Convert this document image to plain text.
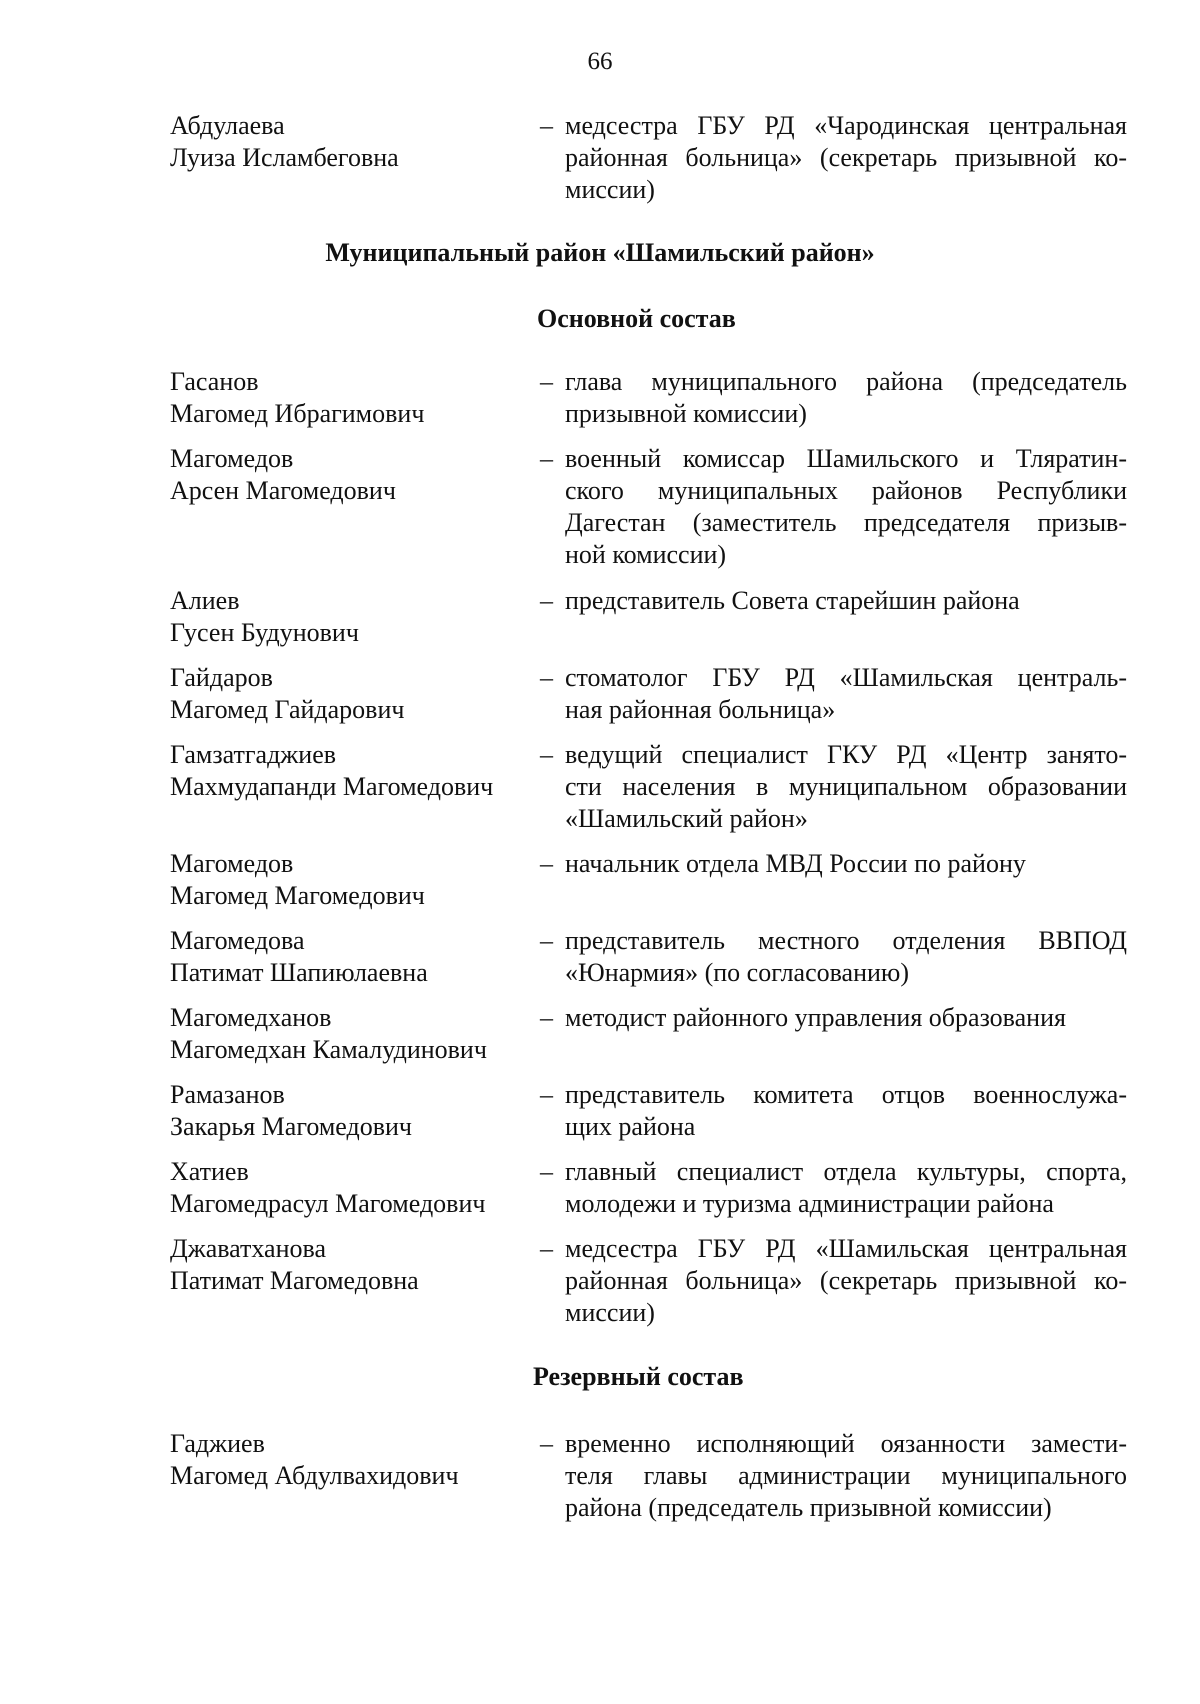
66
Абдулаева
Луиза Исламбеговна
– медсестра ГБУ РД «Чародинская центральная
районная больница» (секретарь призывной ко-
миссии)
Муниципальный район «Шамильский район»
Основной состав
Гасанов
Магомед Ибрагимович
– глава муниципального района (председатель
призывной комиссии)
Магомедов
Арсен Магомедович
– военный комиссар Шамильского и Тляратин-
ского муниципальных районов Республики
Дагестан (заместитель председателя призыв-
ной комиссии)
Алиев
Гусен Будунович
– представитель Совета старейшин района
Гайдаров
Магомед Гайдарович
– стоматолог ГБУ РД «Шамильская централь-
ная районная больница»
Гамзатгаджиев
Махмудапанди Магомедович
– ведущий специалист ГКУ РД «Центр занято-
сти населения в муниципальном образовании
«Шамильский район»
Магомедов
Магомед Магомедович
– начальник отдела МВД России по району
Магомедова
Патимат Шапиюлаевна
– представитель местного отделения ВВПОД
«Юнармия» (по согласованию)
Магомедханов
Магомедхан Камалудинович
– методист районного управления образования
Рамазанов
Закарья Магомедович
– представитель комитета отцов военнослужа-
щих района
Хатиев
Магомедрасул Магомедович
– главный специалист отдела культуры, спорта,
молодежи и туризма администрации района
Джаватханова
Патимат Магомедовна
– медсестра ГБУ РД «Шамильская центральная
районная больница» (секретарь призывной ко-
миссии)
Резервный состав
Гаджиев
Магомед Абдулвахидович
– временно исполняющий оязанности замести-
теля главы администрации муниципального
района (председатель призывной комиссии)
